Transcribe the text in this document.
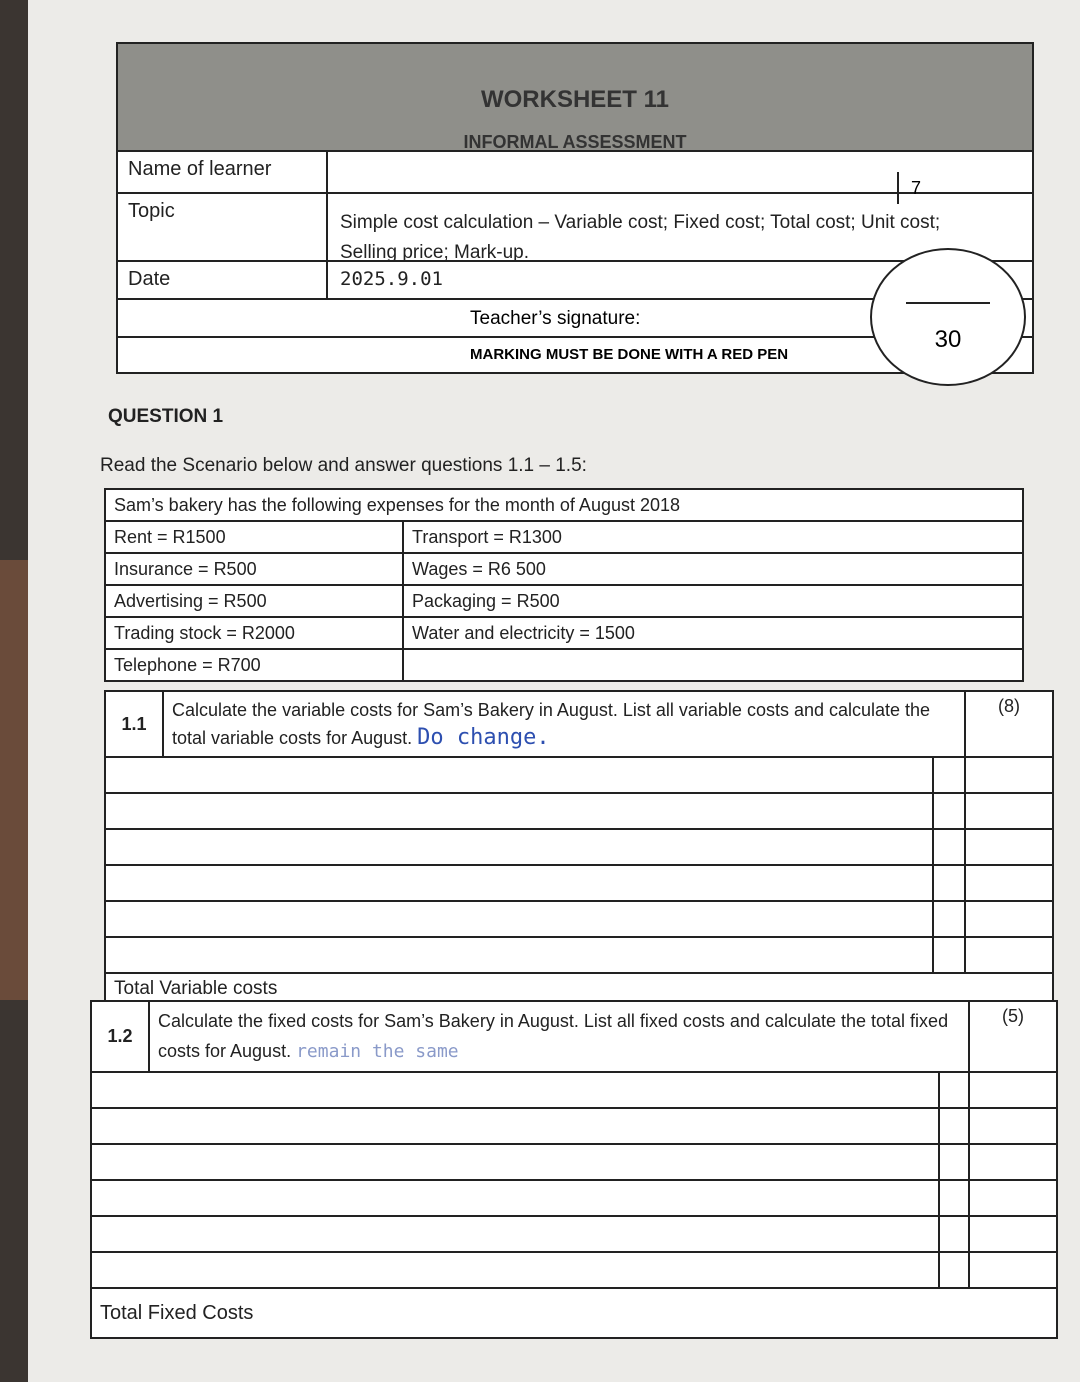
WORKSHEET 11
INFORMAL ASSESSMENT
Name of learner
Topic
Simple cost calculation – Variable cost; Fixed cost; Total cost; Unit cost; Selling price; Mark-up.
Date	2025.9.01
Teacher’s signature:
MARKING MUST BE DONE WITH A RED PEN
7
30
QUESTION 1
Read the Scenario below and answer questions 1.1 – 1.5:
Sam’s bakery has the following expenses for the month of August 2018	
Rent = R1500	Transport = R1300
Insurance = R500	Wages = R6 500
Advertising = R500	Packaging = R500
Trading stock = R2000	Water and electricity = 1500
Telephone = R700	
1.1	Calculate the variable costs for Sam’s Bakery in August. List all variable costs and calculate the total variable costs for August. Do change.		(8)

Total Variable costs			
1.2	Calculate the fixed costs for Sam’s Bakery in August. List all fixed costs and calculate the total fixed costs for August. remain the same		(5)

Total Fixed Costs			
